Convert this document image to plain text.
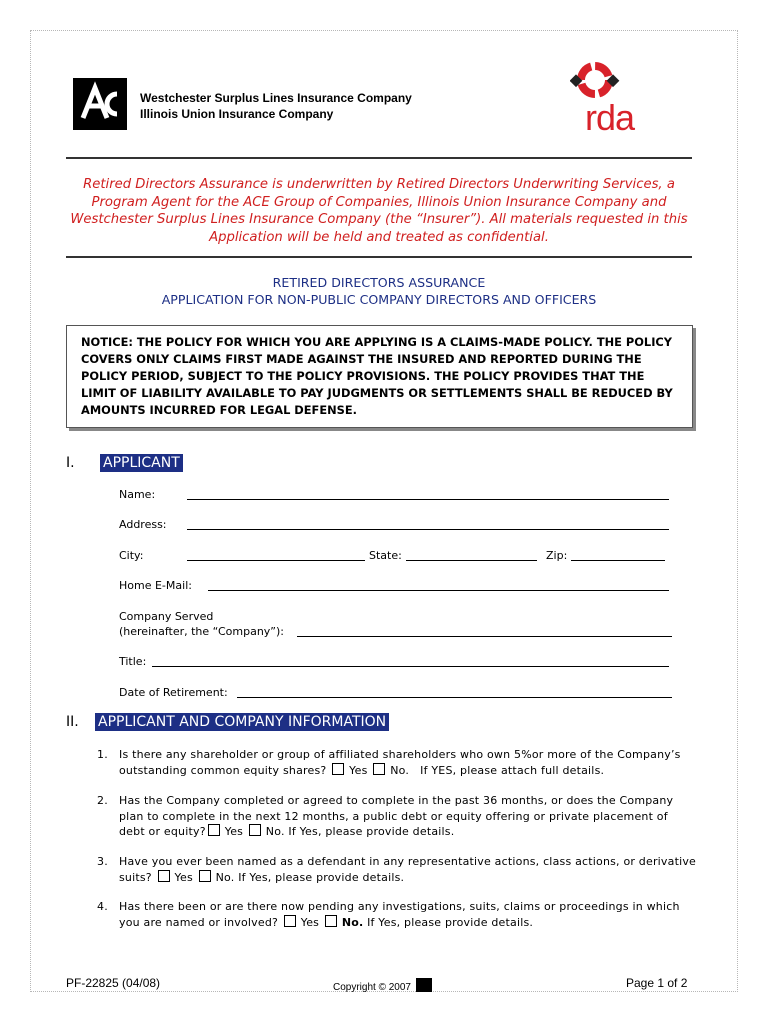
Westchester Surplus Lines Insurance Company
Illinois Union Insurance Company	rda
Retired Directors Assurance is underwritten by Retired Directors Underwriting Services, a Program Agent for the ACE Group of Companies, Illinois Union Insurance Company and Westchester Surplus Lines Insurance Company (the “Insurer”). All materials requested in this Application will be held and treated as confidential.
RETIRED DIRECTORS ASSURANCE
APPLICATION FOR NON-PUBLIC COMPANY DIRECTORS AND OFFICERS
NOTICE: THE POLICY FOR WHICH YOU ARE APPLYING IS A CLAIMS-MADE POLICY. THE POLICY COVERS ONLY CLAIMS FIRST MADE AGAINST THE INSURED AND REPORTED DURING THE POLICY PERIOD, SUBJECT TO THE POLICY PROVISIONS. THE POLICY PROVIDES THAT THE LIMIT OF LIABILITY AVAILABLE TO PAY JUDGMENTS OR SETTLEMENTS SHALL BE REDUCED BY AMOUNTS INCURRED FOR LEGAL DEFENSE.
I. APPLICANT
Name:
Address:
City:	State:	Zip:
Home E-Mail:
Company Served
(hereinafter, the “Company”):
Title:
Date of Retirement:
II. APPLICANT AND COMPANY INFORMATION
1. Is there any shareholder or group of affiliated shareholders who own 5%or more of the Company’s
outstanding common equity shares? Yes No. If YES, please attach full details.
2. Has the Company completed or agreed to complete in the past 36 months, or does the Company
plan to complete in the next 12 months, a public debt or equity offering or private placement of
debt or equity? Yes No. If Yes, please provide details.
3. Have you ever been named as a defendant in any representative actions, class actions, or derivative
suits? Yes No. If Yes, please provide details.
4. Has there been or are there now pending any investigations, suits, claims or proceedings in which
you are named or involved? Yes No. If Yes, please provide details.
PF-22825 (04/08)	Copyright © 2007	Page 1 of 2
